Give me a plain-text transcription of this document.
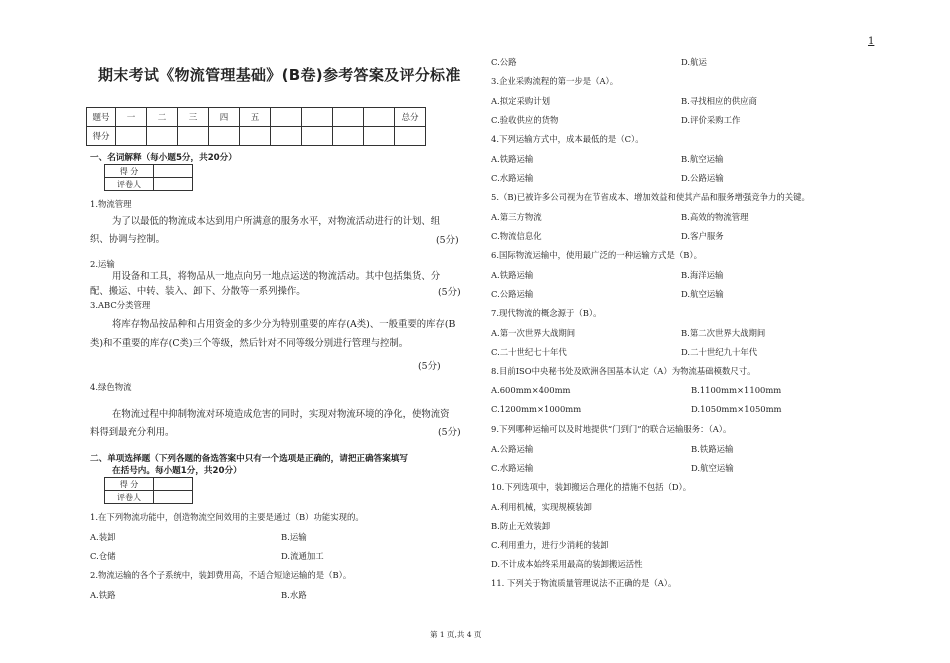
1
期末考试《物流管理基础》(B卷)参考答案及评分标准
题号	一	二	三	四	五					总分
得分										
一、名词解释（每小题5分，共20分）
得 分	
评卷人	
1.物流管理
为了以最低的物流成本达到用户所满意的服务水平，对物流活动进行的计划、组织、协调与控制。	(5分)
2.运输
用设备和工具，将物品从一地点向另一地点运送的物流活动。其中包括集货、分配、搬运、中转、装入、卸下、分散等一系列操作。	(5分)
3.ABC分类管理
将库存物品按品种和占用资金的多少分为特别重要的库存(A类)、一般重要的库存(B类)和不重要的库存(C类)三个等级，然后针对不同等级分别进行管理与控制。
(5分)
4.绿色物流
在物流过程中抑制物流对环境造成危害的同时，实现对物流环境的净化，使物流资料得到最充分利用。	(5分)
二、单项选择题（下列各题的备选答案中只有一个选项是正确的，请把正确答案填写
在括号内。每小题1分，共20分）
得 分	
评卷人	
1.在下列物流功能中，创造物流空间效用的主要是通过（B）功能实现的。
A.装卸	B.运输
C.仓储	D.流通加工
2.物流运输的各个子系统中，装卸费用高，不适合短途运输的是（B）。
A.铁路	B.水路
C.公路	D.航运
3.企业采购流程的第一步是（A）。
A.拟定采购计划	B.寻找相应的供应商
C.验收供应的货物	D.评价采购工作
4.下列运输方式中，成本最低的是（C）。
A.铁路运输	B.航空运输
C.水路运输	D.公路运输
5.（B)已被许多公司视为在节省成本、增加效益和使其产品和服务增强竞争力的关键。
A.第三方物流	B.高效的物流管理
C.物流信息化	D.客户服务
6.国际物流运输中，使用最广泛的一种运输方式是（B）。
A.铁路运输	B.海洋运输
C.公路运输	D.航空运输
7.现代物流的概念源于（B）。
A.第一次世界大战期间	B.第二次世界大战期间
C.二十世纪七十年代	D.二十世纪九十年代
8.目前ISO中央秘书处及欧洲各国基本认定（A）为物流基础模数尺寸。
A.600mm×400mm	B.1100mm×1100mm
C.1200mm×1000mm	D.1050mm×1050mm
9.下列哪种运输可以及时地提供“门到门”的联合运输服务：（A）。
A.公路运输	B.铁路运输
C.水路运输	D.航空运输
10.下列选项中，装卸搬运合理化的措施不包括（D）。
A.利用机械，实现规模装卸
B.防止无效装卸
C.利用重力，进行少消耗的装卸
D.不计成本始终采用最高的装卸搬运活性
11. 下列关于物流质量管理说法不正确的是（A）。
第 1 页,共 4 页
